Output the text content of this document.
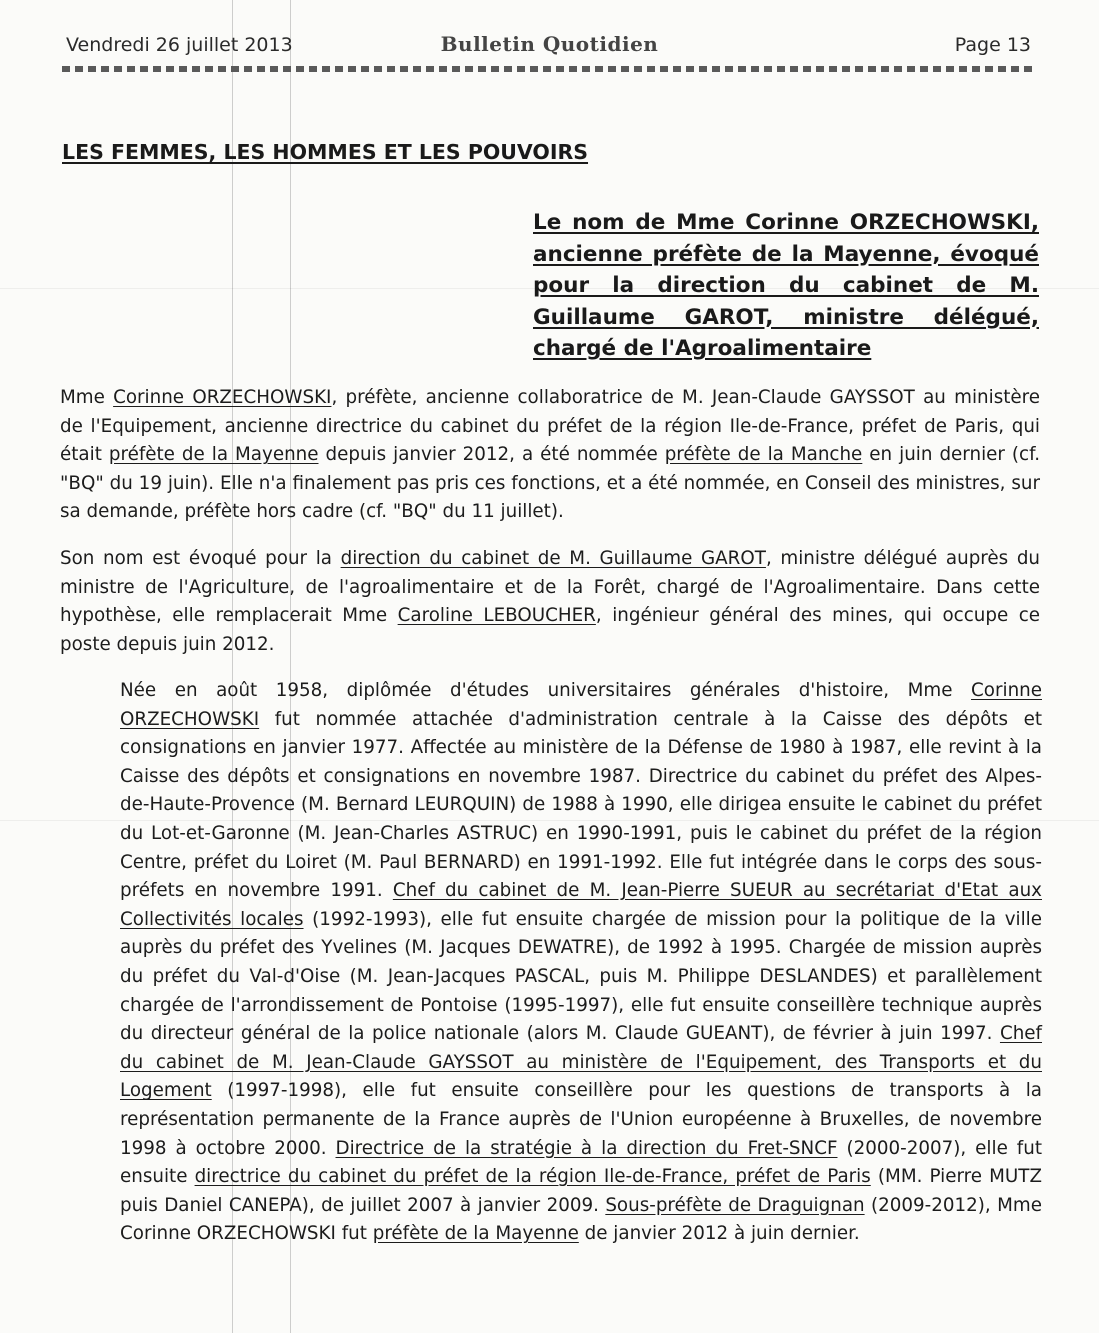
Vendredi 26 juillet 2013	Bulletin Quotidien	Page 13
LES FEMMES, LES HOMMES ET LES POUVOIRS

Le nom de Mme Corinne ORZECHOWSKI, ancienne préfète de la Mayenne, évoqué pour la direction du cabinet de M. Guillaume GAROT, ministre délégué, chargé de l'Agroalimentaire

Mme Corinne ORZECHOWSKI, préfète, ancienne collaboratrice de M. Jean-Claude GAYSSOT au ministère de l'Equipement, ancienne directrice du cabinet du préfet de la région Ile-de-France, préfet de Paris, qui était préfète de la Mayenne depuis janvier 2012, a été nommée préfète de la Manche en juin dernier (cf. "BQ" du 19 juin). Elle n'a finalement pas pris ces fonctions, et a été nommée, en Conseil des ministres, sur sa demande, préfète hors cadre (cf. "BQ" du 11 juillet).

Son nom est évoqué pour la direction du cabinet de M. Guillaume GAROT, ministre délégué auprès du ministre de l'Agriculture, de l'agroalimentaire et de la Forêt, chargé de l'Agroalimentaire. Dans cette hypothèse, elle remplacerait Mme Caroline LEBOUCHER, ingénieur général des mines, qui occupe ce poste depuis juin 2012.

Née en août 1958, diplômée d'études universitaires générales d'histoire, Mme Corinne ORZECHOWSKI fut nommée attachée d'administration centrale à la Caisse des dépôts et consignations en janvier 1977. Affectée au ministère de la Défense de 1980 à 1987, elle revint à la Caisse des dépôts et consignations en novembre 1987. Directrice du cabinet du préfet des Alpes-de-Haute-Provence (M. Bernard LEURQUIN) de 1988 à 1990, elle dirigea ensuite le cabinet du préfet du Lot-et-Garonne (M. Jean-Charles ASTRUC) en 1990-1991, puis le cabinet du préfet de la région Centre, préfet du Loiret (M. Paul BERNARD) en 1991-1992. Elle fut intégrée dans le corps des sous-préfets en novembre 1991. Chef du cabinet de M. Jean-Pierre SUEUR au secrétariat d'Etat aux Collectivités locales (1992-1993), elle fut ensuite chargée de mission pour la politique de la ville auprès du préfet des Yvelines (M. Jacques DEWATRE), de 1992 à 1995. Chargée de mission auprès du préfet du Val-d'Oise (M. Jean-Jacques PASCAL, puis M. Philippe DESLANDES) et parallèlement chargée de l'arrondissement de Pontoise (1995-1997), elle fut ensuite conseillère technique auprès du directeur général de la police nationale (alors M. Claude GUEANT), de février à juin 1997. Chef du cabinet de M. Jean-Claude GAYSSOT au ministère de l'Equipement, des Transports et du Logement (1997-1998), elle fut ensuite conseillère pour les questions de transports à la représentation permanente de la France auprès de l'Union européenne à Bruxelles, de novembre 1998 à octobre 2000. Directrice de la stratégie à la direction du Fret-SNCF (2000-2007), elle fut ensuite directrice du cabinet du préfet de la région Ile-de-France, préfet de Paris (MM. Pierre MUTZ puis Daniel CANEPA), de juillet 2007 à janvier 2009. Sous-préfète de Draguignan (2009-2012), Mme Corinne ORZECHOWSKI fut préfète de la Mayenne de janvier 2012 à juin dernier.
